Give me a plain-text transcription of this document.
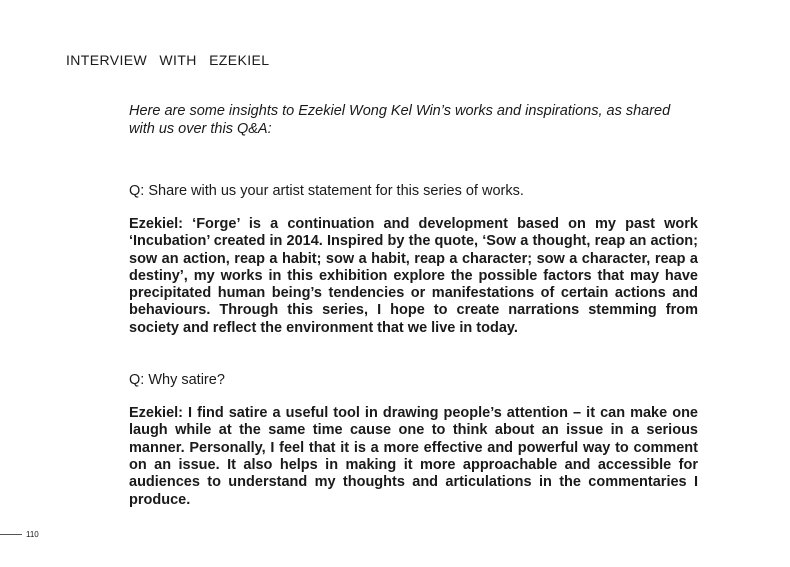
INTERVIEW WITH EZEKIEL

Here are some insights to Ezekiel Wong Kel Win’s works and inspirations, as shared with us over this Q&A:

Q: Share with us your artist statement for this series of works.

Ezekiel: ‘Forge’ is a continuation and development based on my past work ‘Incubation’ created in 2014. Inspired by the quote, ‘Sow a thought, reap an action; sow an action, reap a habit; sow a habit, reap a character; sow a character, reap a destiny’, my works in this exhibition explore the possible factors that may have precipitated human being’s tendencies or manifestations of certain actions and behaviours. Through this series, I hope to create narrations stemming from society and reflect the environment that we live in today.

Q: Why satire?

Ezekiel: I find satire a useful tool in drawing people’s attention – it can make one laugh while at the same time cause one to think about an issue in a serious manner. Personally, I feel that it is a more effective and powerful way to comment on an issue. It also helps in making it more approachable and accessible for audiences to understand my thoughts and articulations in the commentaries I produce.

110
